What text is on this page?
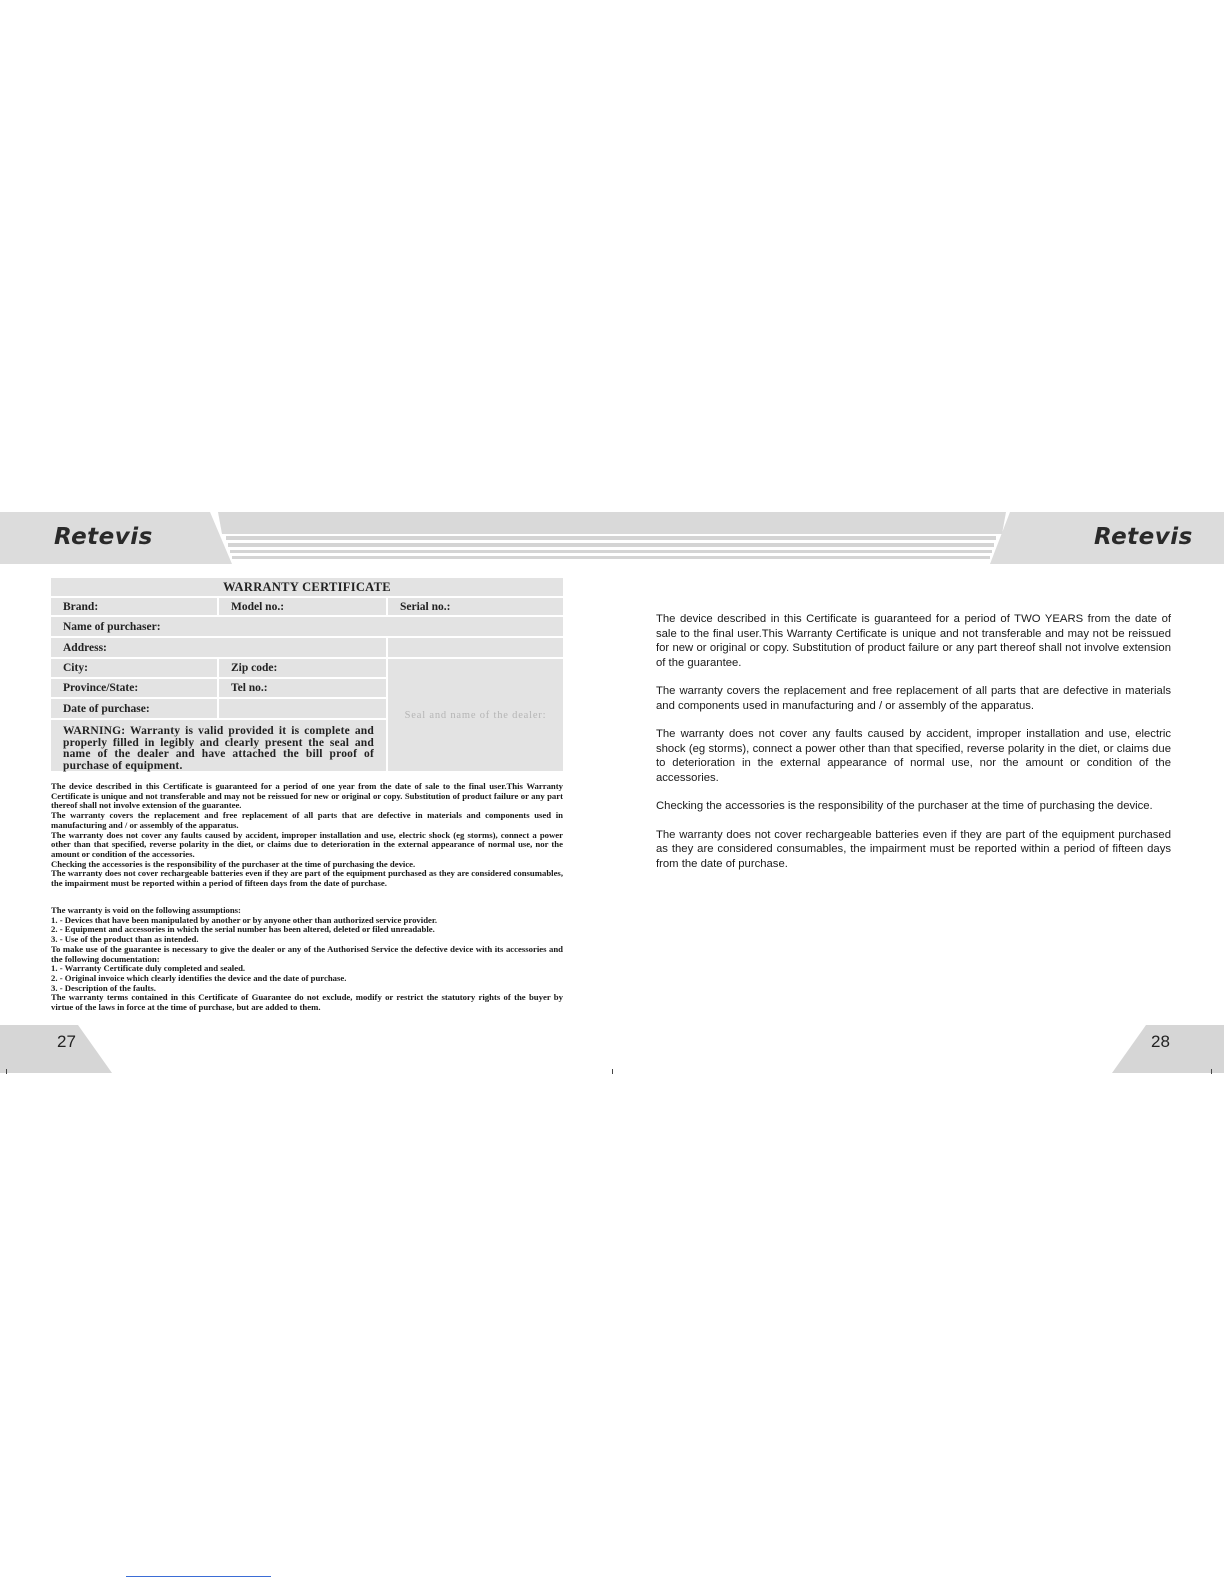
Retevis	Retevis
WARRANTY CERTIFICATE
Brand:	Model no.:	Serial no.:
Name of purchaser:
Address:
City:	Zip code:
Province/State:	Tel no.:
Date of purchase:
Seal and name of the dealer:
WARNING: Warranty is valid provided it is complete and properly filled in legibly and clearly present the seal and name of the dealer and have attached the bill proof of purchase of equipment.

The device described in this Certificate is guaranteed for a period of one year from the date of sale to the final user.This Warranty Certificate is unique and not transferable and may not be reissued for new or original or copy. Substitution of product failure or any part thereof shall not involve extension of the guarantee.

The warranty covers the replacement and free replacement of all parts that are defective in materials and components used in manufacturing and / or assembly of the apparatus.

The warranty does not cover any faults caused by accident, improper installation and use, electric shock (eg storms), connect a power other than that specified, reverse polarity in the diet, or claims due to deterioration in the external appearance of normal use, nor the amount or condition of the accessories.

Checking the accessories is the responsibility of the purchaser at the time of purchasing the device.

The warranty does not cover rechargeable batteries even if they are part of the equipment purchased as they are considered consumables, the impairment must be reported within a period of fifteen days from the date of purchase.

The warranty is void on the following assumptions:

1. - Devices that have been manipulated by another or by anyone other than authorized service provider.

2. - Equipment and accessories in which the serial number has been altered, deleted or filed unreadable.

3. - Use of the product than as intended.

To make use of the guarantee is necessary to give the dealer or any of the Authorised Service the defective device with its accessories and the following documentation:

1. - Warranty Certificate duly completed and sealed.

2. - Original invoice which clearly identifies the device and the date of purchase.

3. - Description of the faults.

The warranty terms contained in this Certificate of Guarantee do not exclude, modify or restrict the statutory rights of the buyer by virtue of the laws in force at the time of purchase, but are added to them.

The device described in this Certificate is guaranteed for a period of TWO YEARS from the date of sale to the final user.This Warranty Certificate is unique and not transferable and may not be reissued for new or original or copy. Substitution of product failure or any part thereof shall not involve extension of the guarantee.

The warranty covers the replacement and free replacement of all parts that are defective in materials and components used in manufacturing and / or assembly of the apparatus.

The warranty does not cover any faults caused by accident, improper installation and use, electric shock (eg storms), connect a power other than that specified, reverse polarity in the diet, or claims due to deterioration in the external appearance of normal use, nor the amount or condition of the accessories.

Checking the accessories is the responsibility of the purchaser at the time of purchasing the device.

The warranty does not cover rechargeable batteries even if they are part of the equipment purchased as they are considered consumables, the impairment must be reported within a period of fifteen days from the date of purchase.

27	28
